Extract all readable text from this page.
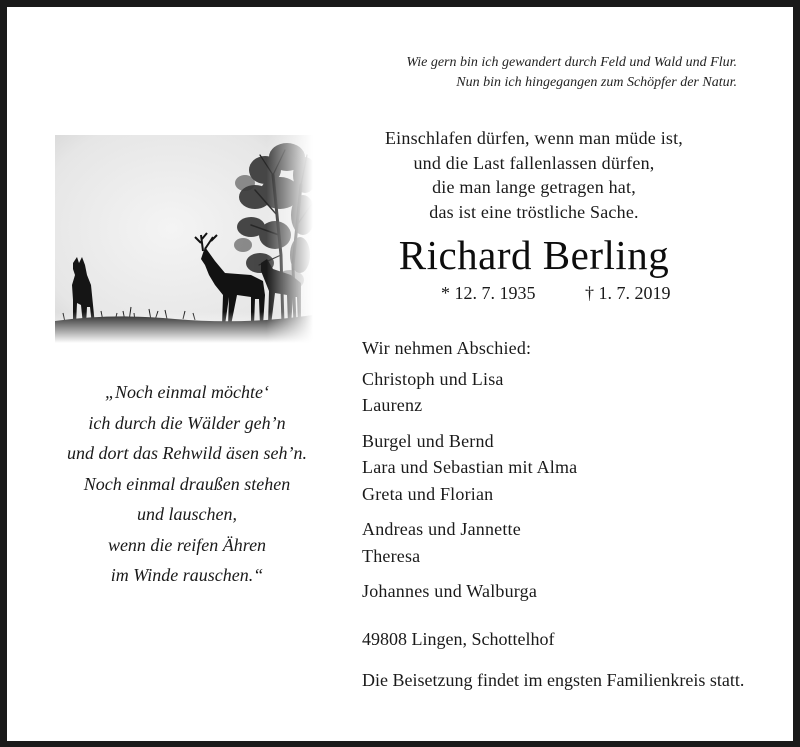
Wie gern bin ich gewandert durch Feld und Wald und Flur.
Nun bin ich hingegangen zum Schöpfer der Natur.
Einschlafen dürfen, wenn man müde ist,
und die Last fallenlassen dürfen,
die man lange getragen hat,
das ist eine tröstliche Sache.
Richard Berling
* 12. 7. 1935	† 1. 7. 2019
Wir nehmen Abschied:
Christoph und Lisa
Laurenz
Burgel und Bernd
Lara und Sebastian mit Alma
Greta und Florian
Andreas und Jannette
Theresa
Johannes und Walburga
49808 Lingen, Schottelhof
Die Beisetzung findet im engsten Familienkreis statt.
„Noch einmal möchte‘
ich durch die Wälder geh’n
und dort das Rehwild äsen seh’n.
Noch einmal draußen stehen
und lauschen,
wenn die reifen Ähren
im Winde rauschen.“
